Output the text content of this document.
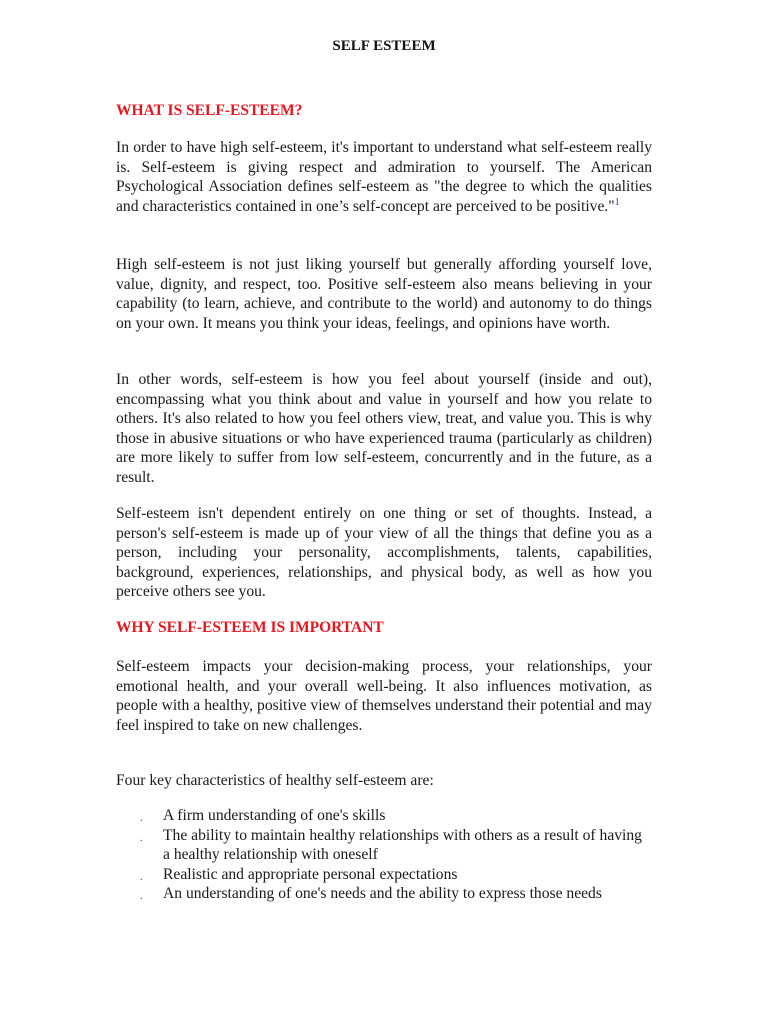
SELF ESTEEM
WHAT IS SELF-ESTEEM?

In order to have high self-esteem, it's important to understand what self-esteem really is. Self-esteem is giving respect and admiration to yourself. The American Psychological Association defines self-esteem as "the degree to which the qualities and characteristics contained in one’s self-concept are perceived to be positive."$^1$

High self-esteem is not just liking yourself but generally affording yourself love, value, dignity, and respect, too. Positive self-esteem also means believing in your capability (to learn, achieve, and contribute to the world) and autonomy to do things on your own. It means you think your ideas, feelings, and opinions have worth.

In other words, self-esteem is how you feel about yourself (inside and out), encompassing what you think about and value in yourself and how you relate to others. It's also related to how you feel others view, treat, and value you. This is why those in abusive situations or who have experienced trauma (particularly as children) are more likely to suffer from low self-esteem, concurrently and in the future, as a result.

Self-esteem isn't dependent entirely on one thing or set of thoughts. Instead, a person's self-esteem is made up of your view of all the things that define you as a person, including your personality, accomplishments, talents, capabilities, background, experiences, relationships, and physical body, as well as how you perceive others see you.

WHY SELF-ESTEEM IS IMPORTANT

Self-esteem impacts your decision-making process, your relationships, your emotional health, and your overall well-being. It also influences motivation, as people with a healthy, positive view of themselves understand their potential and may feel inspired to take on new challenges.

Four key characteristics of healthy self-esteem are:

. A firm understanding of one's skills
. The ability to maintain healthy relationships with others as a result of having a healthy relationship with oneself
. Realistic and appropriate personal expectations
. An understanding of one's needs and the ability to express those needs
